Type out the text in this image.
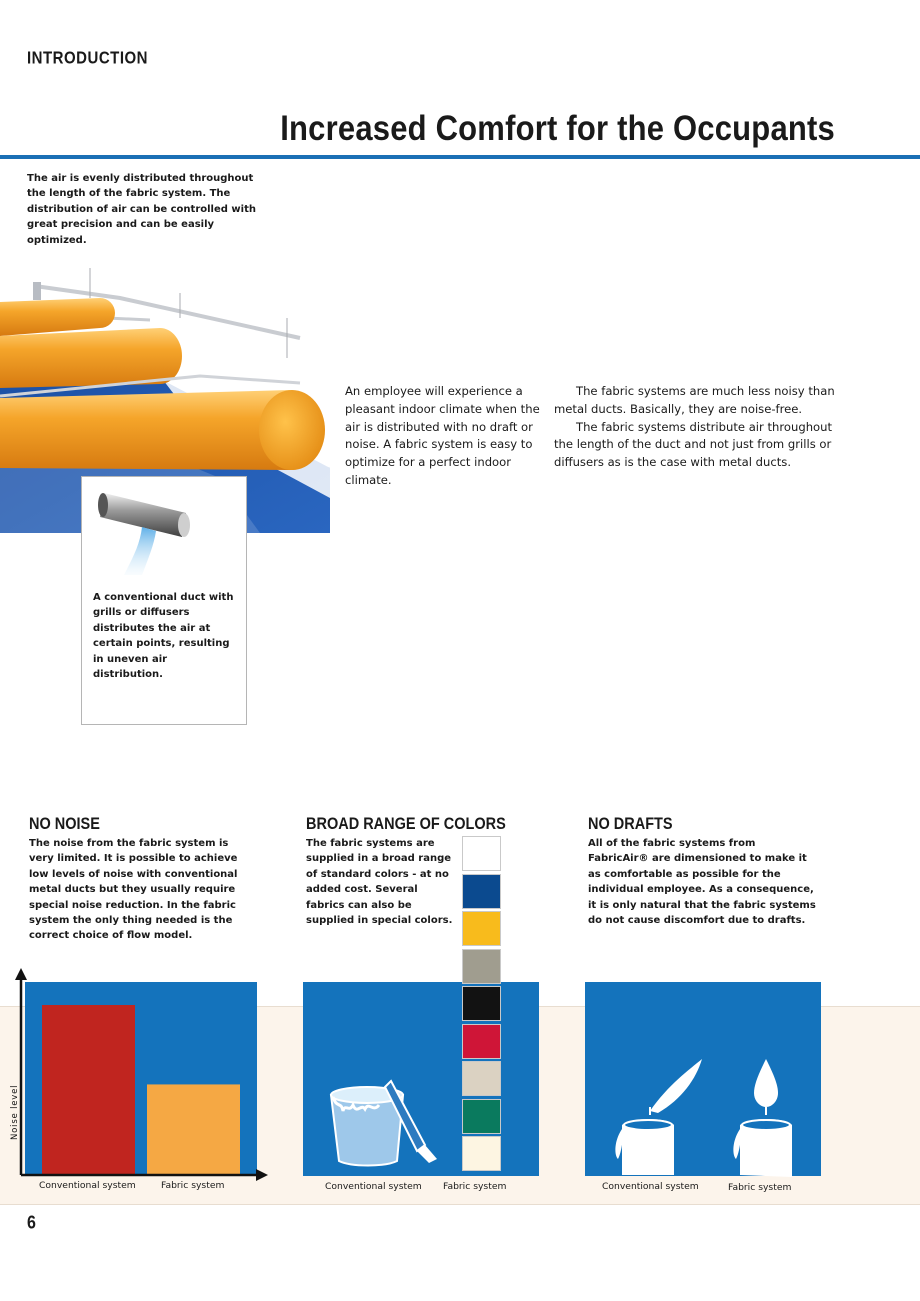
INTRODUCTION
Increased Comfort for the Occupants
The air is evenly distributed throughout the length of the fabric system. The distribution of air can be controlled with great precision and can be easily optimized.
A conventional duct with grills or diffusers distributes the air at certain points, resulting in uneven air distribution.

An employee will experience a pleasant indoor climate when the air is distributed with no draft or noise. A fabric system is easy to optimize for a perfect indoor climate.

The fabric systems are much less noisy than metal ducts. Basically, they are noise-free.

The fabric systems distribute air throughout the length of the duct and not just from grills or diffusers as is the case with metal ducts.

NO NOISE
The noise from the fabric system is very limited. It is possible to achieve low levels of noise with conventional metal ducts but they usually require special noise reduction. In the fabric system the only thing needed is the correct choice of flow model.
Noise level
Conventional system	Fabric system
BROAD RANGE OF COLORS
The fabric systems are supplied in a broad range of standard colors - at no added cost. Several fabrics can also be supplied in special colors.
Conventional system Fabric system
NO DRAFTS
All of the fabric systems from FabricAir® are dimensioned to make it as comfortable as possible for the individual employee. As a consequence, it is only natural that the fabric systems do not cause discomfort due to drafts.
Conventional system	Fabric system
6
